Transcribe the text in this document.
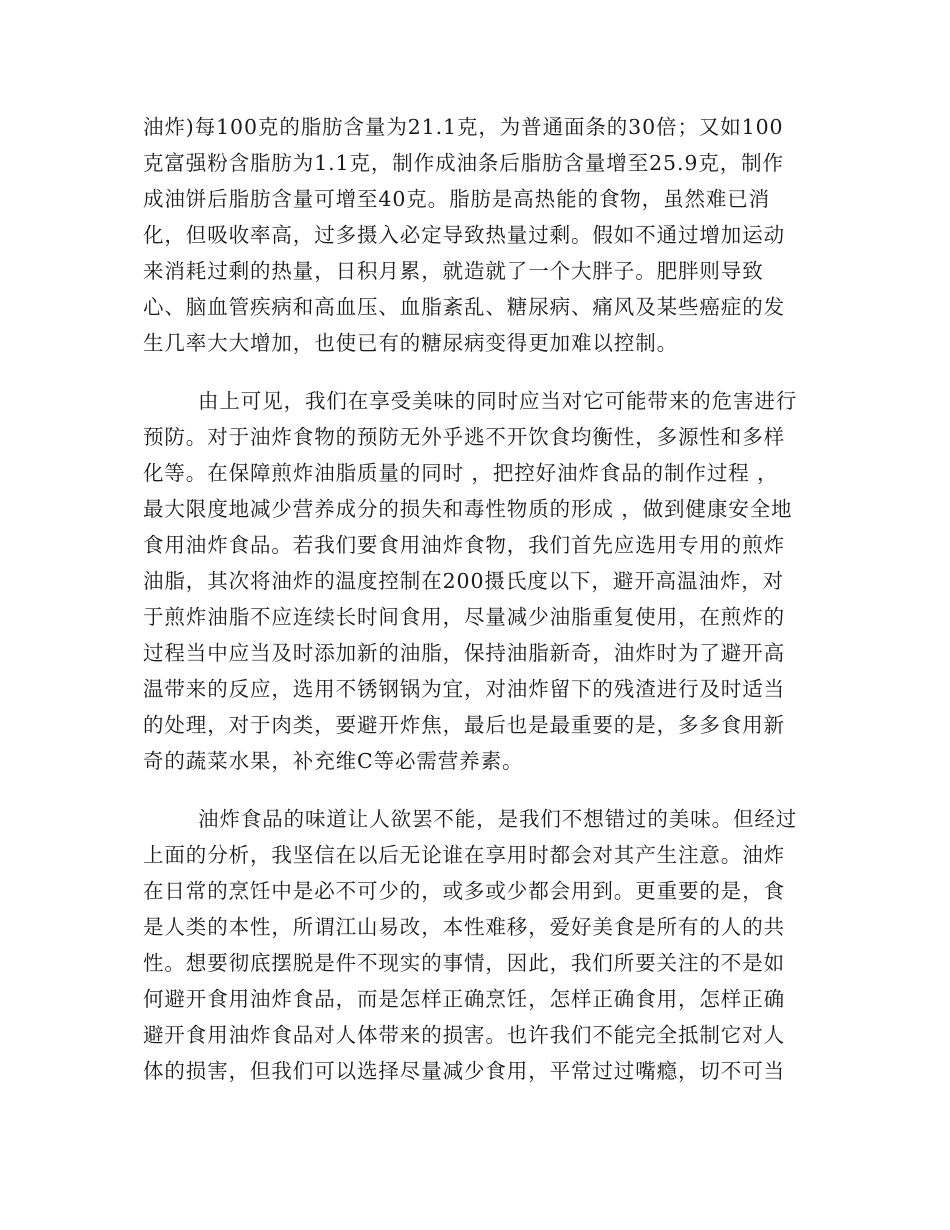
油炸)每100克的脂肪含量为21.1克，为普通面条的30倍；又如100
克富强粉含脂肪为1.1克，制作成油条后脂肪含量增至25.9克，制作
成油饼后脂肪含量可增至40克。脂肪是高热能的食物，虽然难已消
化，但吸收率高，过多摄入必定导致热量过剩。假如不通过增加运动
来消耗过剩的热量，日积月累，就造就了一个大胖子。肥胖则导致
心、脑血管疾病和高血压、血脂紊乱、糖尿病、痛风及某些癌症的发
生几率大大增加，也使已有的糖尿病变得更加难以控制。
由上可见，我们在享受美味的同时应当对它可能带来的危害进行
预防。对于油炸食物的预防无外乎逃不开饮食均衡性，多源性和多样
化等。在保障煎炸油脂质量的同时 ，把控好油炸食品的制作过程 ，
最大限度地减少营养成分的损失和毒性物质的形成 ，做到健康安全地
食用油炸食品。若我们要食用油炸食物，我们首先应选用专用的煎炸
油脂，其次将油炸的温度控制在200摄氏度以下，避开高温油炸，对
于煎炸油脂不应连续长时间食用，尽量减少油脂重复使用，在煎炸的
过程当中应当及时添加新的油脂，保持油脂新奇，油炸时为了避开高
温带来的反应，选用不锈钢锅为宜，对油炸留下的残渣进行及时适当
的处理，对于肉类，要避开炸焦，最后也是最重要的是，多多食用新
奇的蔬菜水果，补充维C等必需营养素。
油炸食品的味道让人欲罢不能，是我们不想错过的美味。但经过
上面的分析，我坚信在以后无论谁在享用时都会对其产生注意。油炸
在日常的烹饪中是必不可少的，或多或少都会用到。更重要的是，食
是人类的本性，所谓江山易改，本性难移，爱好美食是所有的人的共
性。想要彻底摆脱是件不现实的事情，因此，我们所要关注的不是如
何避开食用油炸食品，而是怎样正确烹饪，怎样正确食用，怎样正确
避开食用油炸食品对人体带来的损害。也许我们不能完全抵制它对人
体的损害，但我们可以选择尽量减少食用，平常过过嘴瘾，切不可当
